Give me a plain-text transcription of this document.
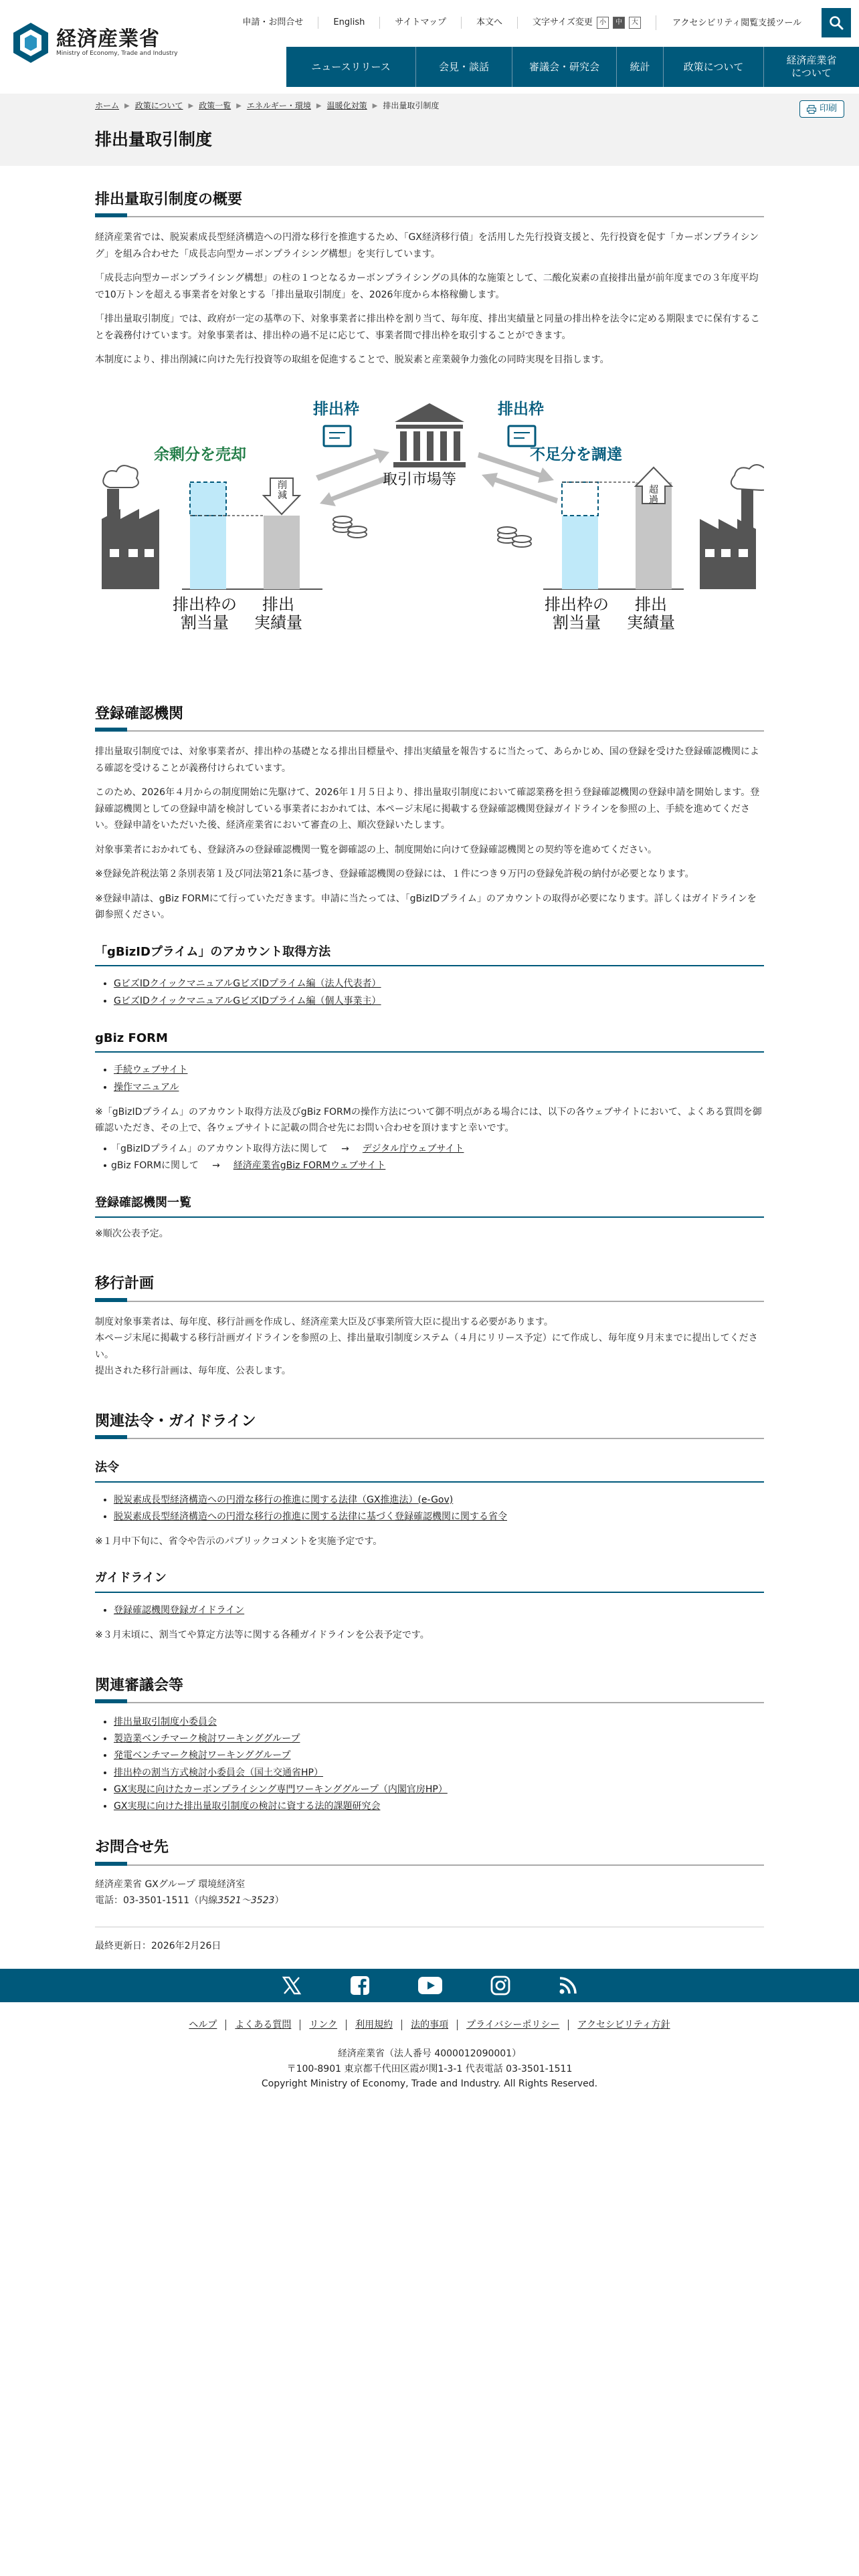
経済産業省
Ministry of Economy, Trade and Industry
申請・お問合せ	English	サイトマップ	本文へ	文字サイズ変更	小	中	大	アクセシビリティ 閲覧支援ツール
ニュースリリース	会見・談話	審議会・研究会	統計	政策について
経済産業省
について
ホーム ▶ 政策について ▶ 政策一覧 ▶ エネルギー・環境 ▶ 温暖化対策 ▶ 排出量取引制度	印刷
排出量取引制度
排出量取引制度の概要

経済産業省では、脱炭素成長型経済構造への円滑な移行を推進するため、「GX経済移行債」を活用した先行投資支援と、先行投資を促す「カーボンプライシング」を組み合わせた「成長志向型カーボンプライシング構想」を実行しています。

「成長志向型カーボンプライシング構想」の柱の１つとなるカーボンプライシングの具体的な施策として、二酸化炭素の直接排出量が前年度までの３年度平均で10万トンを超える事業者を対象とする「排出量取引制度」を、2026年度から本格稼働します。

「排出量取引制度」では、政府が一定の基準の下、対象事業者に排出枠を割り当て、毎年度、排出実績量と同量の排出枠を法令に定める期限までに保有することを義務付けています。対象事業者は、排出枠の過不足に応じて、事業者間で排出枠を取引することができます。

本制度により、排出削減に向けた先行投資等の取組を促進することで、脱炭素と産業競争力強化の同時実現を目指します。

余剰分を売却
排出枠
取引市場等
排出枠
不足分を調達
削減
超過
排出枠の
割当量
排出
実績量
排出枠の
割当量
排出
実績量
登録確認機関

排出量取引制度では、対象事業者が、排出枠の基礎となる排出目標量や、排出実績量を報告するに当たって、あらかじめ、国の登録を受けた登録確認機関による確認を受けることが義務付けられています。

このため、2026年４月からの制度開始に先駆けて、2026年１月５日より、排出量取引制度において確認業務を担う登録確認機関の登録申請を開始します。登録確認機関としての登録申請を検討している事業者におかれては、本ページ末尾に掲載する登録確認機関登録ガイドラインを参照の上、手続を進めてください。登録申請をいただいた後、経済産業省において審査の上、順次登録いたします。

対象事業者におかれても、登録済みの登録確認機関一覧を御確認の上、制度開始に向けて登録確認機関との契約等を進めてください。

※登録免許税法第２条別表第１及び同法第21条に基づき、登録確認機関の登録には、１件につき９万円の登録免許税の納付が必要となります。

※登録申請は、gBiz FORMにて行っていただきます。申請に当たっては、「gBizIDプライム」のアカウントの取得が必要になります。詳しくはガイドラインを御参照ください。

「gBizIDプライム」のアカウント取得方法
• GビズIDクイックマニュアルGビズIDプライム編（法人代表者）
• GビズIDクイックマニュアルGビズIDプライム編（個人事業主）
gBiz FORM
• 手続ウェブサイト
• 操作マニュアル

※「gBizIDプライム」のアカウント取得方法及びgBiz FORMの操作方法について御不明点がある場合には、以下の各ウェブサイトにおいて、よくある質問を御確認いただき、その上で、各ウェブサイトに記載の問合せ先にお問い合わせを頂けますと幸いです。

• 「gBizIDプライム」のアカウント取得方法に関して → デジタル庁ウェブサイト
• gBiz FORMに関して → 経済産業省gBiz FORMウェブサイト
登録確認機関一覧

※順次公表予定。

移行計画

制度対象事業者は、毎年度、移行計画を作成し、経済産業大臣及び事業所管大臣に提出する必要があります。
本ページ末尾に掲載する移行計画ガイドラインを参照の上、排出量取引制度システム（４月にリリース予定）にて作成し、毎年度９月末までに提出してください。
提出された移行計画は、毎年度、公表します。

関連法令・ガイドライン
法令
• 脱炭素成長型経済構造への円滑な移行の推進に関する法律（GX推進法）(e-Gov)
• 脱炭素成長型経済構造への円滑な移行の推進に関する法律に基づく登録確認機関に関する省令

※１月中下旬に、省令や告示のパブリックコメントを実施予定です。

ガイドライン
• 登録確認機関登録ガイドライン

※３月末頃に、割当てや算定方法等に関する各種ガイドラインを公表予定です。

関連審議会等
• 排出量取引制度小委員会
• 製造業ベンチマーク検討ワーキンググループ
• 発電ベンチマーク検討ワーキンググループ
• 排出枠の割当方式検討小委員会（国土交通省HP）
• GX実現に向けたカーボンプライシング専門ワーキンググループ（内閣官房HP）
• GX実現に向けた排出量取引制度の検討に資する法的課題研究会
お問合せ先

経済産業省 GXグループ 環境経済室
電話：03-3501-1511（内線3521〜3523）

最終更新日：2026年2月26日

ヘルプ	よくある質問	リンク	利用規約	法的事項	プライバシーポリシー	アクセシビリティ方針
経済産業省（法人番号 4000012090001）
〒100-8901 東京都千代田区霞が関1-3-1 代表電話 03-3501-1511
Copyright Ministry of Economy, Trade and Industry. All Rights Reserved.
